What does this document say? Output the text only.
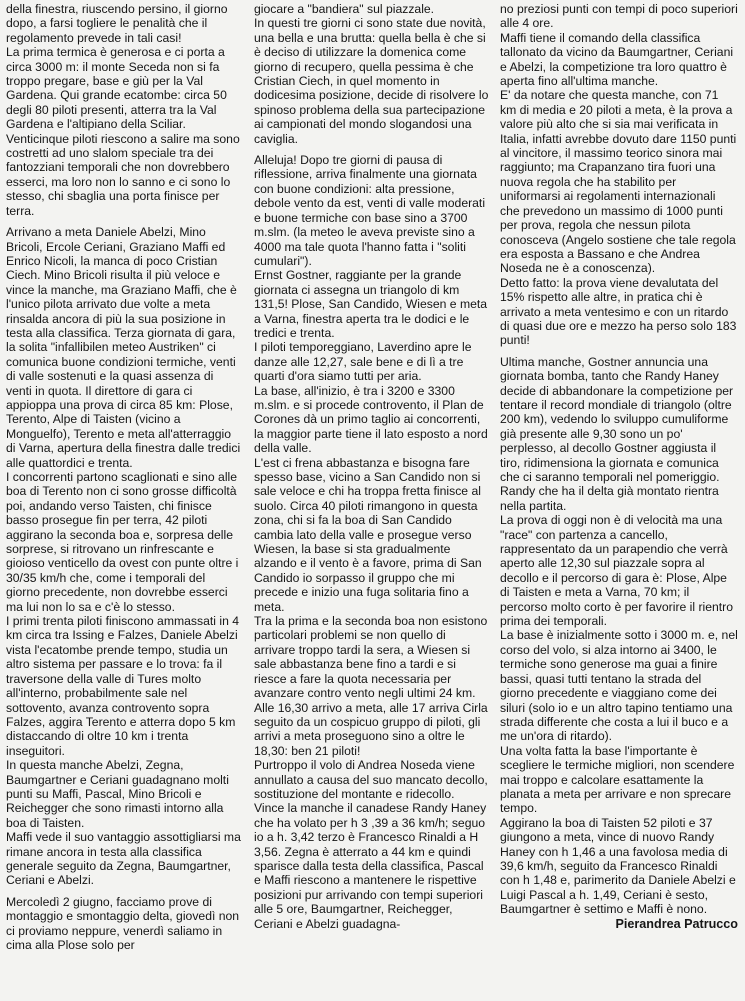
della finestra, riuscendo persino, il giorno dopo, a farsi togliere le penalità che il regolamento prevede in tali casi!

La prima termica è generosa e ci porta a circa 3000 m: il monte Seceda non si fa troppo pregare, base e giù per la Val Gardena. Qui grande ecatombe: circa 50 degli 80 piloti presenti, atterra tra la Val Gardena e l'altipiano della Sciliar.

Venticinque piloti riescono a salire ma sono costretti ad uno slalom speciale tra dei fantozziani temporali che non dovrebbero esserci, ma loro non lo sanno e ci sono lo stesso, chi sbaglia una porta finisce per terra.

Arrivano a meta Daniele Abelzi, Mino Bricoli, Ercole Ceriani, Graziano Maffi ed Enrico Nicoli, la manca di poco Cristian Ciech. Mino Bricoli risulta il più veloce e vince la manche, ma Graziano Maffi, che è l'unico pilota arrivato due volte a meta rinsalda ancora di più la sua posizione in testa alla classifica. Terza giornata di gara, la solita "infallibilen meteo Austriken" ci comunica buone condizioni termiche, venti di valle sostenuti e la quasi assenza di venti in quota. Il direttore di gara ci appioppa una prova di circa 85 km: Plose, Terento, Alpe di Taisten (vicino a Monguelfo), Terento e meta all'atterraggio di Varna, apertura della finestra dalle tredici alle quattordici e trenta.

I concorrenti partono scaglionati e sino alle boa di Terento non ci sono grosse difficoltà poi, andando verso Taisten, chi finisce basso prosegue fin per terra, 42 piloti aggirano la seconda boa e, sorpresa delle sorprese, si ritrovano un rinfrescante e gioioso venticello da ovest con punte oltre i 30/35 km/h che, come i temporali del giorno precedente, non dovrebbe esserci ma lui non lo sa e c'è lo stesso.

I primi trenta piloti finiscono ammassati in 4 km circa tra Issing e Falzes, Daniele Abelzi vista l'ecatombe prende tempo, studia un altro sistema per passare e lo trova: fa il traversone della valle di Tures molto all'interno, probabilmente sale nel sottovento, avanza controvento sopra Falzes, aggira Terento e atterra dopo 5 km distaccando di oltre 10 km i trenta inseguitori.

In questa manche Abelzi, Zegna, Baumgartner e Ceriani guadagnano molti punti su Maffi, Pascal, Mino Bricoli e Reichegger che sono rimasti intorno alla boa di Taisten.

Maffi vede il suo vantaggio assottigliarsi ma rimane ancora in testa alla classifica generale seguito da Zegna, Baumgartner, Ceriani e Abelzi.

Mercoledì 2 giugno, facciamo prove di montaggio e smontaggio delta, giovedì non ci proviamo neppure, venerdì saliamo in cima alla Plose solo per

giocare a "bandiera" sul piazzale.

In questi tre giorni ci sono state due novità, una bella e una brutta: quella bella è che si è deciso di utilizzare la domenica come giorno di recupero, quella pessima è che Cristian Ciech, in quel momento in dodicesima posizione, decide di risolvere lo spinoso problema della sua partecipazione ai campionati del mondo slogandosi una caviglia.

Alleluja! Dopo tre giorni di pausa di riflessione, arriva finalmente una giornata con buone condizioni: alta pressione, debole vento da est, venti di valle moderati e buone termiche con base sino a 3700 m.slm. (la meteo le aveva previste sino a 4000 ma tale quota l'hanno fatta i "soliti cumulari").

Ernst Gostner, raggiante per la grande giornata ci assegna un triangolo di km 131,5! Plose, San Candido, Wiesen e meta a Varna, finestra aperta tra le dodici e le tredici e trenta.

I piloti temporeggiano, Laverdino apre le danze alle 12,27, sale bene e di lì a tre quarti d'ora siamo tutti per aria.

La base, all'inizio, è tra i 3200 e 3300 m.slm. e si procede controvento, il Plan de Corones dà un primo taglio ai concorrenti, la maggior parte tiene il lato esposto a nord della valle.

L'est ci frena abbastanza e bisogna fare spesso base, vicino a San Candido non si sale veloce e chi ha troppa fretta finisce al suolo. Circa 40 piloti rimangono in questa zona, chi si fa la boa di San Candido cambia lato della valle e prosegue verso Wiesen, la base si sta gradualmente alzando e il vento è a favore, prima di San Candido io sorpasso il gruppo che mi precede e inizio una fuga solitaria fino a meta.

Tra la prima e la seconda boa non esistono particolari problemi se non quello di arrivare troppo tardi la sera, a Wiesen si sale abbastanza bene fino a tardi e si riesce a fare la quota necessaria per avanzare contro vento negli ultimi 24 km.

Alle 16,30 arrivo a meta, alle 17 arriva Cirla seguito da un cospicuo gruppo di piloti, gli arrivi a meta proseguono sino a oltre le 18,30: ben 21 piloti!

Purtroppo il volo di Andrea Noseda viene annullato a causa del suo mancato decollo, sostituzione del montante e ridecollo.

Vince la manche il canadese Randy Haney che ha volato per h 3 ,39 a 36 km/h; seguo io a h. 3,42 terzo è Francesco Rinaldi a H 3,56. Zegna è atterrato a 44 km e quindi sparisce dalla testa della classifica, Pascal e Maffi riescono a mantenere le rispettive posizioni pur arrivando con tempi superiori alle 5 ore, Baumgartner, Reichegger, Ceriani e Abelzi guadagna-

no preziosi punti con tempi di poco superiori alle 4 ore.

Maffi tiene il comando della classifica tallonato da vicino da Baumgartner, Ceriani e Abelzi, la competizione tra loro quattro è aperta fino all'ultima manche.

E' da notare che questa manche, con 71 km di media e 20 piloti a meta, è la prova a valore più alto che si sia mai verificata in Italia, infatti avrebbe dovuto dare 1150 punti al vincitore, il massimo teorico sinora mai raggiunto; ma Crapanzano tira fuori una nuova regola che ha stabilito per uniformarsi ai regolamenti internazionali che prevedono un massimo di 1000 punti per prova, regola che nessun pilota conosceva (Angelo sostiene che tale regola era esposta a Bassano e che Andrea Noseda ne è a conoscenza).

Detto fatto: la prova viene devalutata del 15% rispetto alle altre, in pratica chi è arrivato a meta ventesimo e con un ritardo di quasi due ore e mezzo ha perso solo 183 punti!

Ultima manche, Gostner annuncia una giornata bomba, tanto che Randy Haney decide di abbandonare la competizione per tentare il record mondiale di triangolo (oltre 200 km), vedendo lo sviluppo cumuliforme già presente alle 9,30 sono un po' perplesso, al decollo Gostner aggiusta il tiro, ridimensiona la giornata e comunica che ci saranno temporali nel pomeriggio. Randy che ha il delta già montato rientra nella partita.

La prova di oggi non è di velocità ma una "race" con partenza a cancello, rappresentato da un parapendio che verrà aperto alle 12,30 sul piazzale sopra al decollo e il percorso di gara è: Plose, Alpe di Taisten e meta a Varna, 70 km; il percorso molto corto è per favorire il rientro prima dei temporali.

La base è inizialmente sotto i 3000 m. e, nel corso del volo, si alza intorno ai 3400, le termiche sono generose ma guai a finire bassi, quasi tutti tentano la strada del giorno precedente e viaggiano come dei siluri (solo io e un altro tapino tentiamo una strada differente che costa a lui il buco e a me un'ora di ritardo).

Una volta fatta la base l'importante è scegliere le termiche migliori, non scendere mai troppo e calcolare esattamente la planata a meta per arrivare e non sprecare tempo.

Aggirano la boa di Taisten 52 piloti e 37 giungono a meta, vince di nuovo Randy Haney con h 1,46 a una favolosa media di 39,6 km/h, seguito da Francesco Rinaldi con h 1,48 e, parimerito da Daniele Abelzi e Luigi Pascal a h. 1,49, Ceriani è sesto, Baumgartner è settimo e Maffi è nono.

Pierandrea Patrucco
